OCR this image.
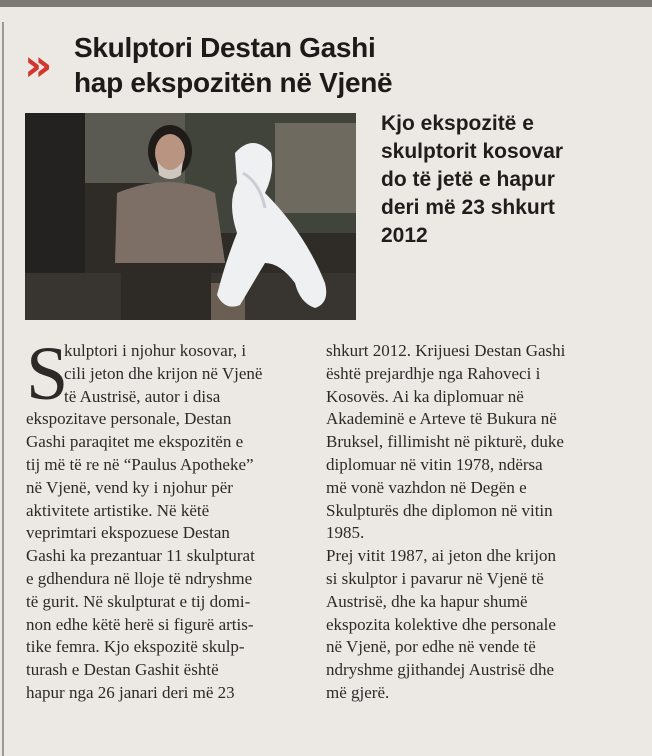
» Skulptori Destan Gashi
hap ekspozitën në Vjenë
Kjo ekspozitë e
skulptorit kosovar
do të jetë e hapur
deri më 23 shkurt
2012
S
kulptori i njohur kosovar, i
cili jeton dhe krijon në Vjenë
të Austrisë, autor i disa
ekspozitave personale, Destan
Gashi paraqitet me ekspozitën e
tij më të re në “Paulus Apotheke”
në Vjenë, vend ky i njohur për
aktivitete artistike. Në këtë
veprimtari ekspozuese Destan
Gashi ka prezantuar 11 skulpturat
e gdhendura në lloje të ndryshme
të gurit. Në skulpturat e tij domi-
non edhe këtë herë si figurë artis-
tike femra. Kjo ekspozitë skulp-
turash e Destan Gashit është
hapur nga 26 janari deri më 23
shkurt 2012. Krijuesi Destan Gashi
është prejardhje nga Rahoveci i
Kosovës. Ai ka diplomuar në
Akademinë e Arteve të Bukura në
Bruksel, fillimisht në pikturë, duke
diplomuar në vitin 1978, ndërsa
më vonë vazhdon në Degën e
Skulpturës dhe diplomon në vitin
1985.
Prej vitit 1987, ai jeton dhe krijon
si skulptor i pavarur në Vjenë të
Austrisë, dhe ka hapur shumë
ekspozita kolektive dhe personale
në Vjenë, por edhe në vende të
ndryshme gjithandej Austrisë dhe
më gjerë.
